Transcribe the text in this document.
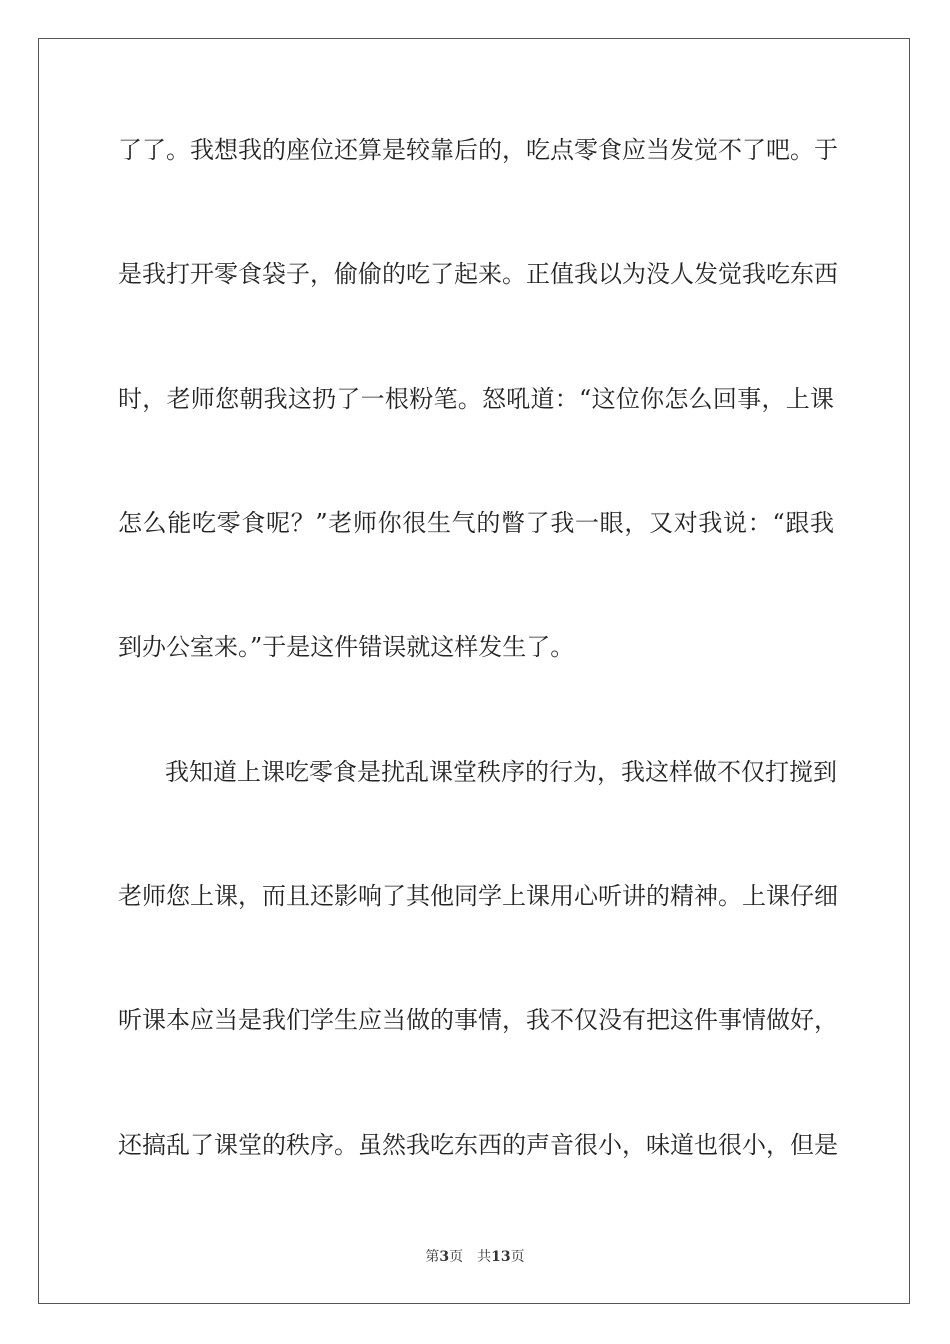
了了。我想我的座位还算是较靠后的，吃点零食应当发觉不了吧。于
是我打开零食袋子，偷偷的吃了起来。正值我以为没人发觉我吃东西
时，老师您朝我这扔了一根粉笔。怒吼道：“这位你怎么回事，上课
怎么能吃零食呢？”老师你很生气的瞥了我一眼，又对我说：“跟我
到办公室来。”于是这件错误就这样发生了。
我知道上课吃零食是扰乱课堂秩序的行为，我这样做不仅打搅到
老师您上课，而且还影响了其他同学上课用心听讲的精神。上课仔细
听课本应当是我们学生应当做的事情，我不仅没有把这件事情做好，
还搞乱了课堂的秩序。虽然我吃东西的声音很小，味道也很小，但是
第3页 共13页
